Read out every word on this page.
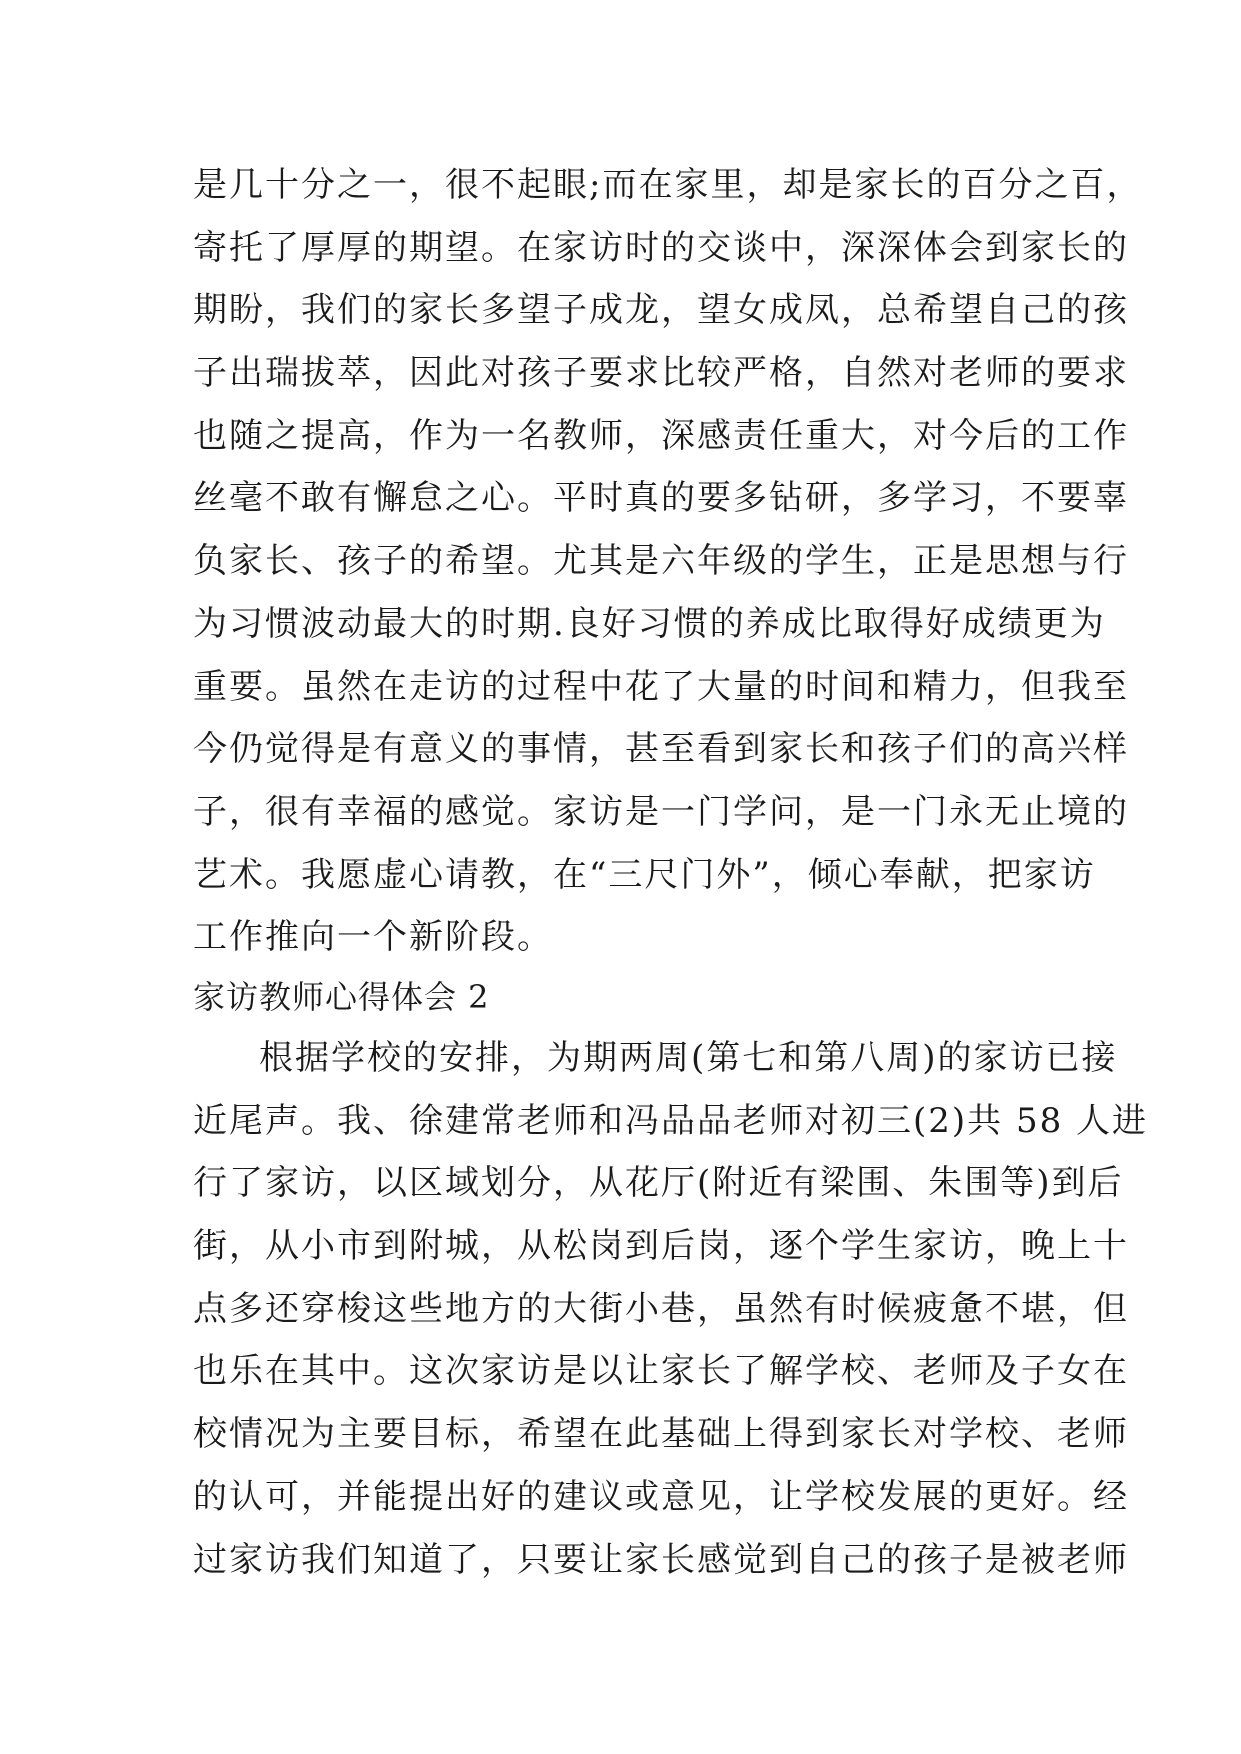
是几十分之一，很不起眼;而在家里，却是家长的百分之百，
寄托了厚厚的期望。在家访时的交谈中，深深体会到家长的
期盼，我们的家长多望子成龙，望女成凤，总希望自己的孩
子出瑞拔萃，因此对孩子要求比较严格，自然对老师的要求
也随之提高，作为一名教师，深感责任重大，对今后的工作
丝毫不敢有懈怠之心。平时真的要多钻研，多学习，不要辜
负家长、孩子的希望。尤其是六年级的学生，正是思想与行
为习惯波动最大的时期.良好习惯的养成比取得好成绩更为
重要。虽然在走访的过程中花了大量的时间和精力，但我至
今仍觉得是有意义的事情，甚至看到家长和孩子们的高兴样
子，很有幸福的感觉。家访是一门学问，是一门永无止境的
艺术。我愿虚心请教，在“三尺门外”，倾心奉献，把家访
工作推向一个新阶段。
家访教师心得体会 2
根据学校的安排，为期两周(第七和第八周)的家访已接
近尾声。我、徐建常老师和冯品品老师对初三(2)共 58 人进
行了家访，以区域划分，从花厅(附近有梁围、朱围等)到后
街，从小市到附城，从松岗到后岗，逐个学生家访，晚上十
点多还穿梭这些地方的大街小巷，虽然有时候疲惫不堪，但
也乐在其中。这次家访是以让家长了解学校、老师及子女在
校情况为主要目标，希望在此基础上得到家长对学校、老师
的认可，并能提出好的建议或意见，让学校发展的更好。经
过家访我们知道了，只要让家长感觉到自己的孩子是被老师
